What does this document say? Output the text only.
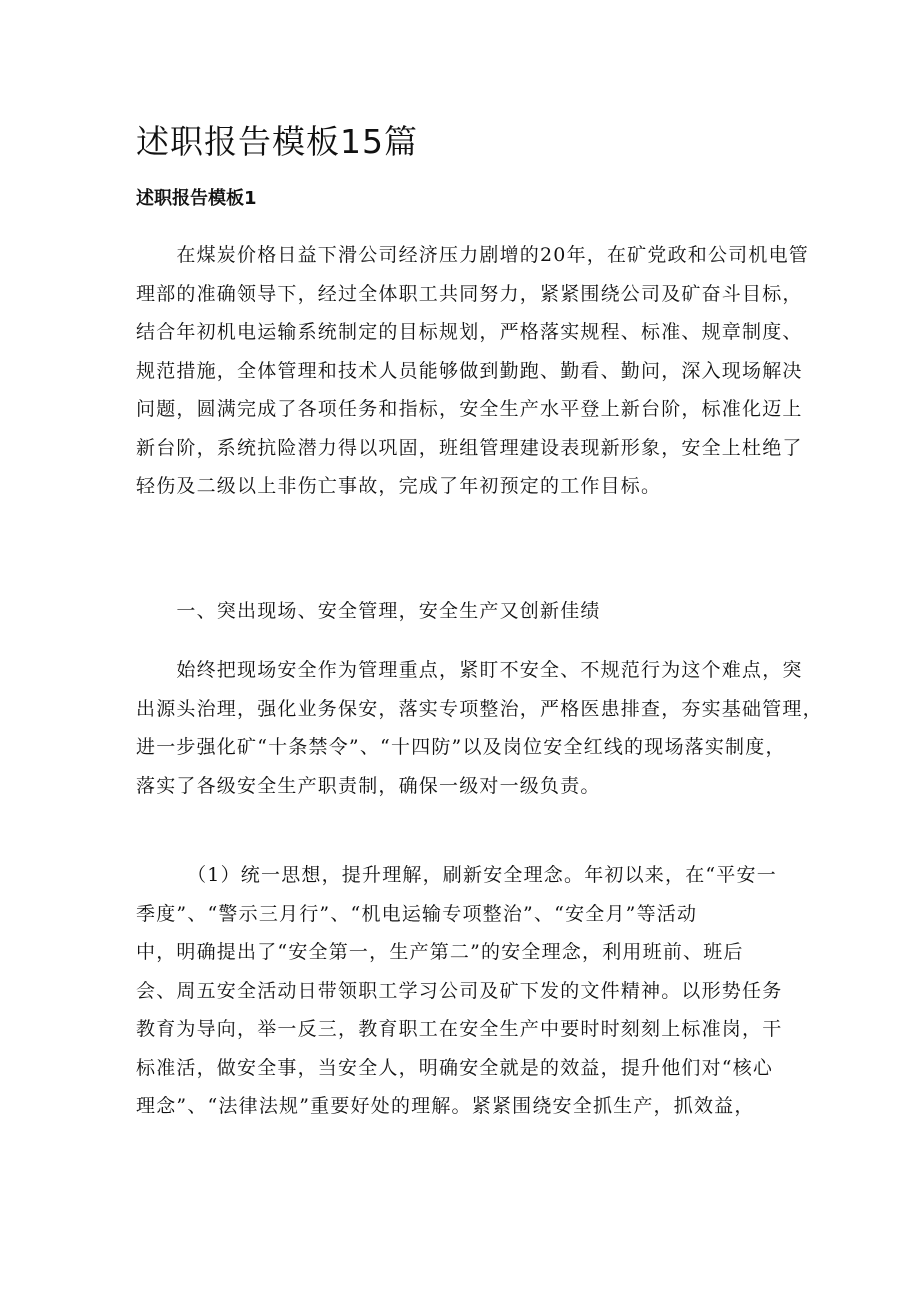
述职报告模板15篇
述职报告模板1
　　在煤炭价格日益下滑公司经济压力剧增的20年，在矿党政和公司机电管
理部的准确领导下，经过全体职工共同努力，紧紧围绕公司及矿奋斗目标，
结合年初机电运输系统制定的目标规划，严格落实规程、标准、规章制度、
规范措施，全体管理和技术人员能够做到勤跑、勤看、勤问，深入现场解决
问题，圆满完成了各项任务和指标，安全生产水平登上新台阶，标准化迈上
新台阶，系统抗险潜力得以巩固，班组管理建设表现新形象，安全上杜绝了
轻伤及二级以上非伤亡事故，完成了年初预定的工作目标。
　　一、突出现场、安全管理，安全生产又创新佳绩
　　始终把现场安全作为管理重点，紧盯不安全、不规范行为这个难点，突
出源头治理，强化业务保安，落实专项整治，严格医患排查，夯实基础管理，
进一步强化矿“十条禁令”、“十四防”以及岗位安全红线的现场落实制度，
落实了各级安全生产职责制，确保一级对一级负责。
　　　（1）统一思想，提升理解，刷新安全理念。年初以来，在“平安一
季度”、“警示三月行”、“机电运输专项整治”、“安全月”等活动
中，明确提出了“安全第一，生产第二”的安全理念，利用班前、班后
会、周五安全活动日带领职工学习公司及矿下发的文件精神。以形势任务
教育为导向，举一反三，教育职工在安全生产中要时时刻刻上标准岗，干
标准活，做安全事，当安全人，明确安全就是的效益，提升他们对“核心
理念”、“法律法规”重要好处的理解。紧紧围绕安全抓生产，抓效益，
